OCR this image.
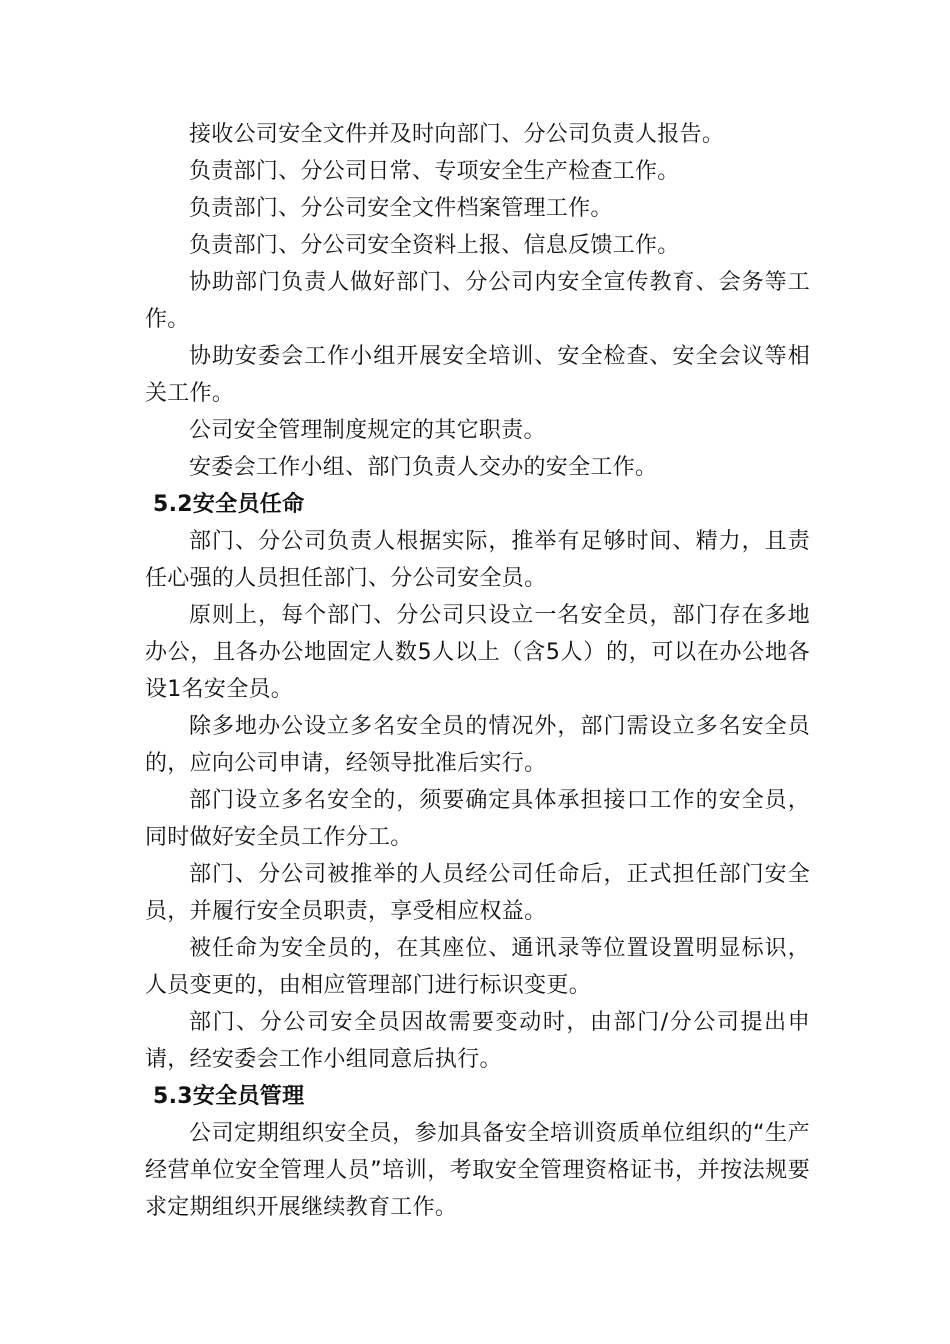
接收公司安全文件并及时向部门、分公司负责人报告。

负责部门、分公司日常、专项安全生产检查工作。

负责部门、分公司安全文件档案管理工作。

负责部门、分公司安全资料上报、信息反馈工作。

协助部门负责人做好部门、分公司内安全宣传教育、会务等工作。

协助安委会工作小组开展安全培训、安全检查、安全会议等相关工作。

公司安全管理制度规定的其它职责。

安委会工作小组、部门负责人交办的安全工作。

5.2安全员任命

部门、分公司负责人根据实际，推举有足够时间、精力，且责任心强的人员担任部门、分公司安全员。

原则上，每个部门、分公司只设立一名安全员，部门存在多地办公，且各办公地固定人数5人以上（含5人）的，可以在办公地各设1名安全员。

除多地办公设立多名安全员的情况外，部门需设立多名安全员的，应向公司申请，经领导批准后实行。

部门设立多名安全的，须要确定具体承担接口工作的安全员，同时做好安全员工作分工。

部门、分公司被推举的人员经公司任命后，正式担任部门安全员，并履行安全员职责，享受相应权益。

被任命为安全员的，在其座位、通讯录等位置设置明显标识，人员变更的，由相应管理部门进行标识变更。

部门、分公司安全员因故需要变动时，由部门/分公司提出申请，经安委会工作小组同意后执行。

5.3安全员管理

公司定期组织安全员，参加具备安全培训资质单位组织的“生产经营单位安全管理人员”培训，考取安全管理资格证书，并按法规要求定期组织开展继续教育工作。
